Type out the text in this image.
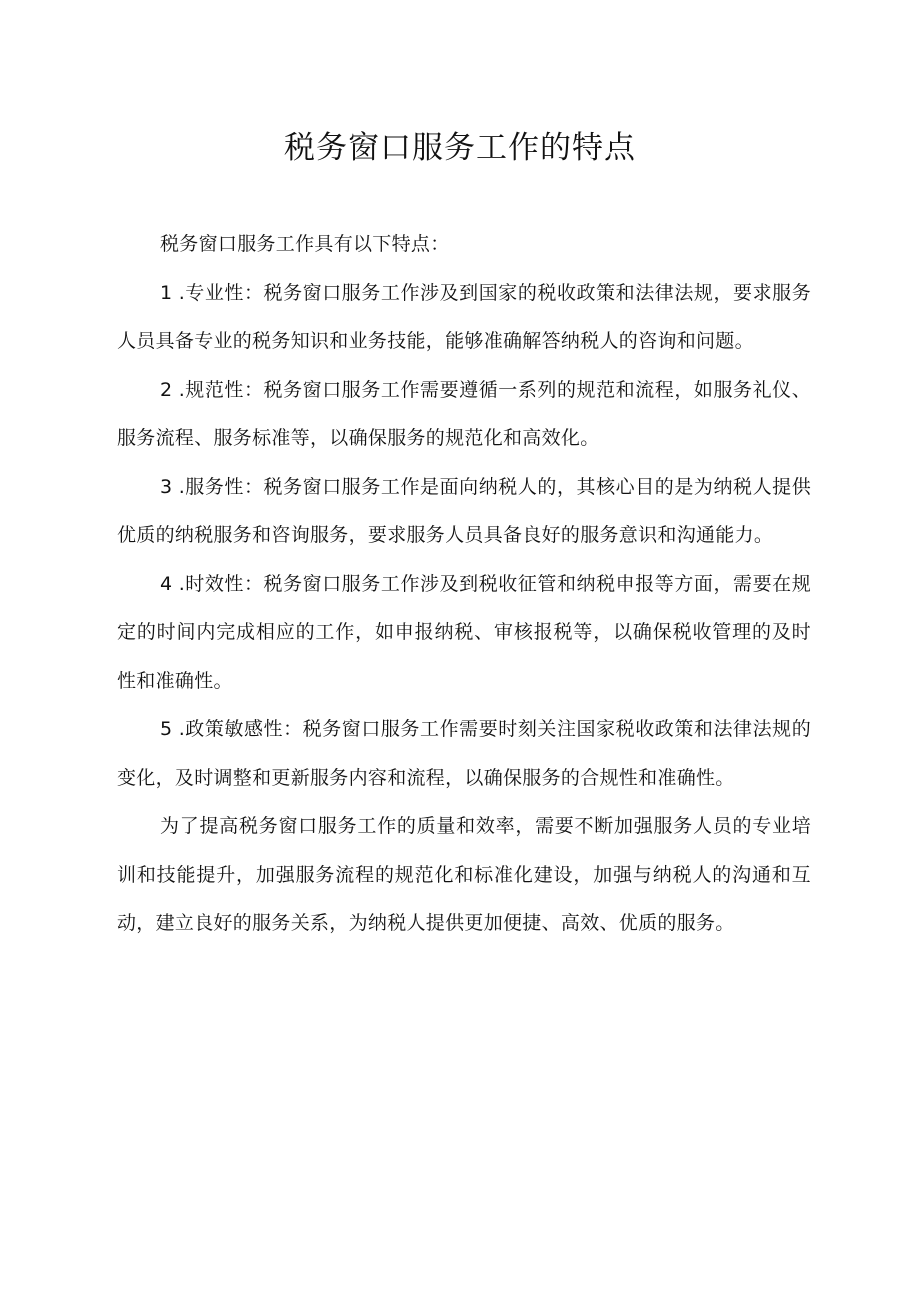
税务窗口服务工作的特点

税务窗口服务工作具有以下特点：

1 .专业性：税务窗口服务工作涉及到国家的税收政策和法律法规，要求服务人员具备专业的税务知识和业务技能，能够准确解答纳税人的咨询和问题。

2 .规范性：税务窗口服务工作需要遵循一系列的规范和流程，如服务礼仪、服务流程、服务标准等，以确保服务的规范化和高效化。

3 .服务性：税务窗口服务工作是面向纳税人的，其核心目的是为纳税人提供优质的纳税服务和咨询服务，要求服务人员具备良好的服务意识和沟通能力。

4 .时效性：税务窗口服务工作涉及到税收征管和纳税申报等方面，需要在规定的时间内完成相应的工作，如申报纳税、审核报税等，以确保税收管理的及时性和准确性。

5 .政策敏感性：税务窗口服务工作需要时刻关注国家税收政策和法律法规的变化，及时调整和更新服务内容和流程，以确保服务的合规性和准确性。

为了提高税务窗口服务工作的质量和效率，需要不断加强服务人员的专业培训和技能提升，加强服务流程的规范化和标准化建设，加强与纳税人的沟通和互动，建立良好的服务关系，为纳税人提供更加便捷、高效、优质的服务。
